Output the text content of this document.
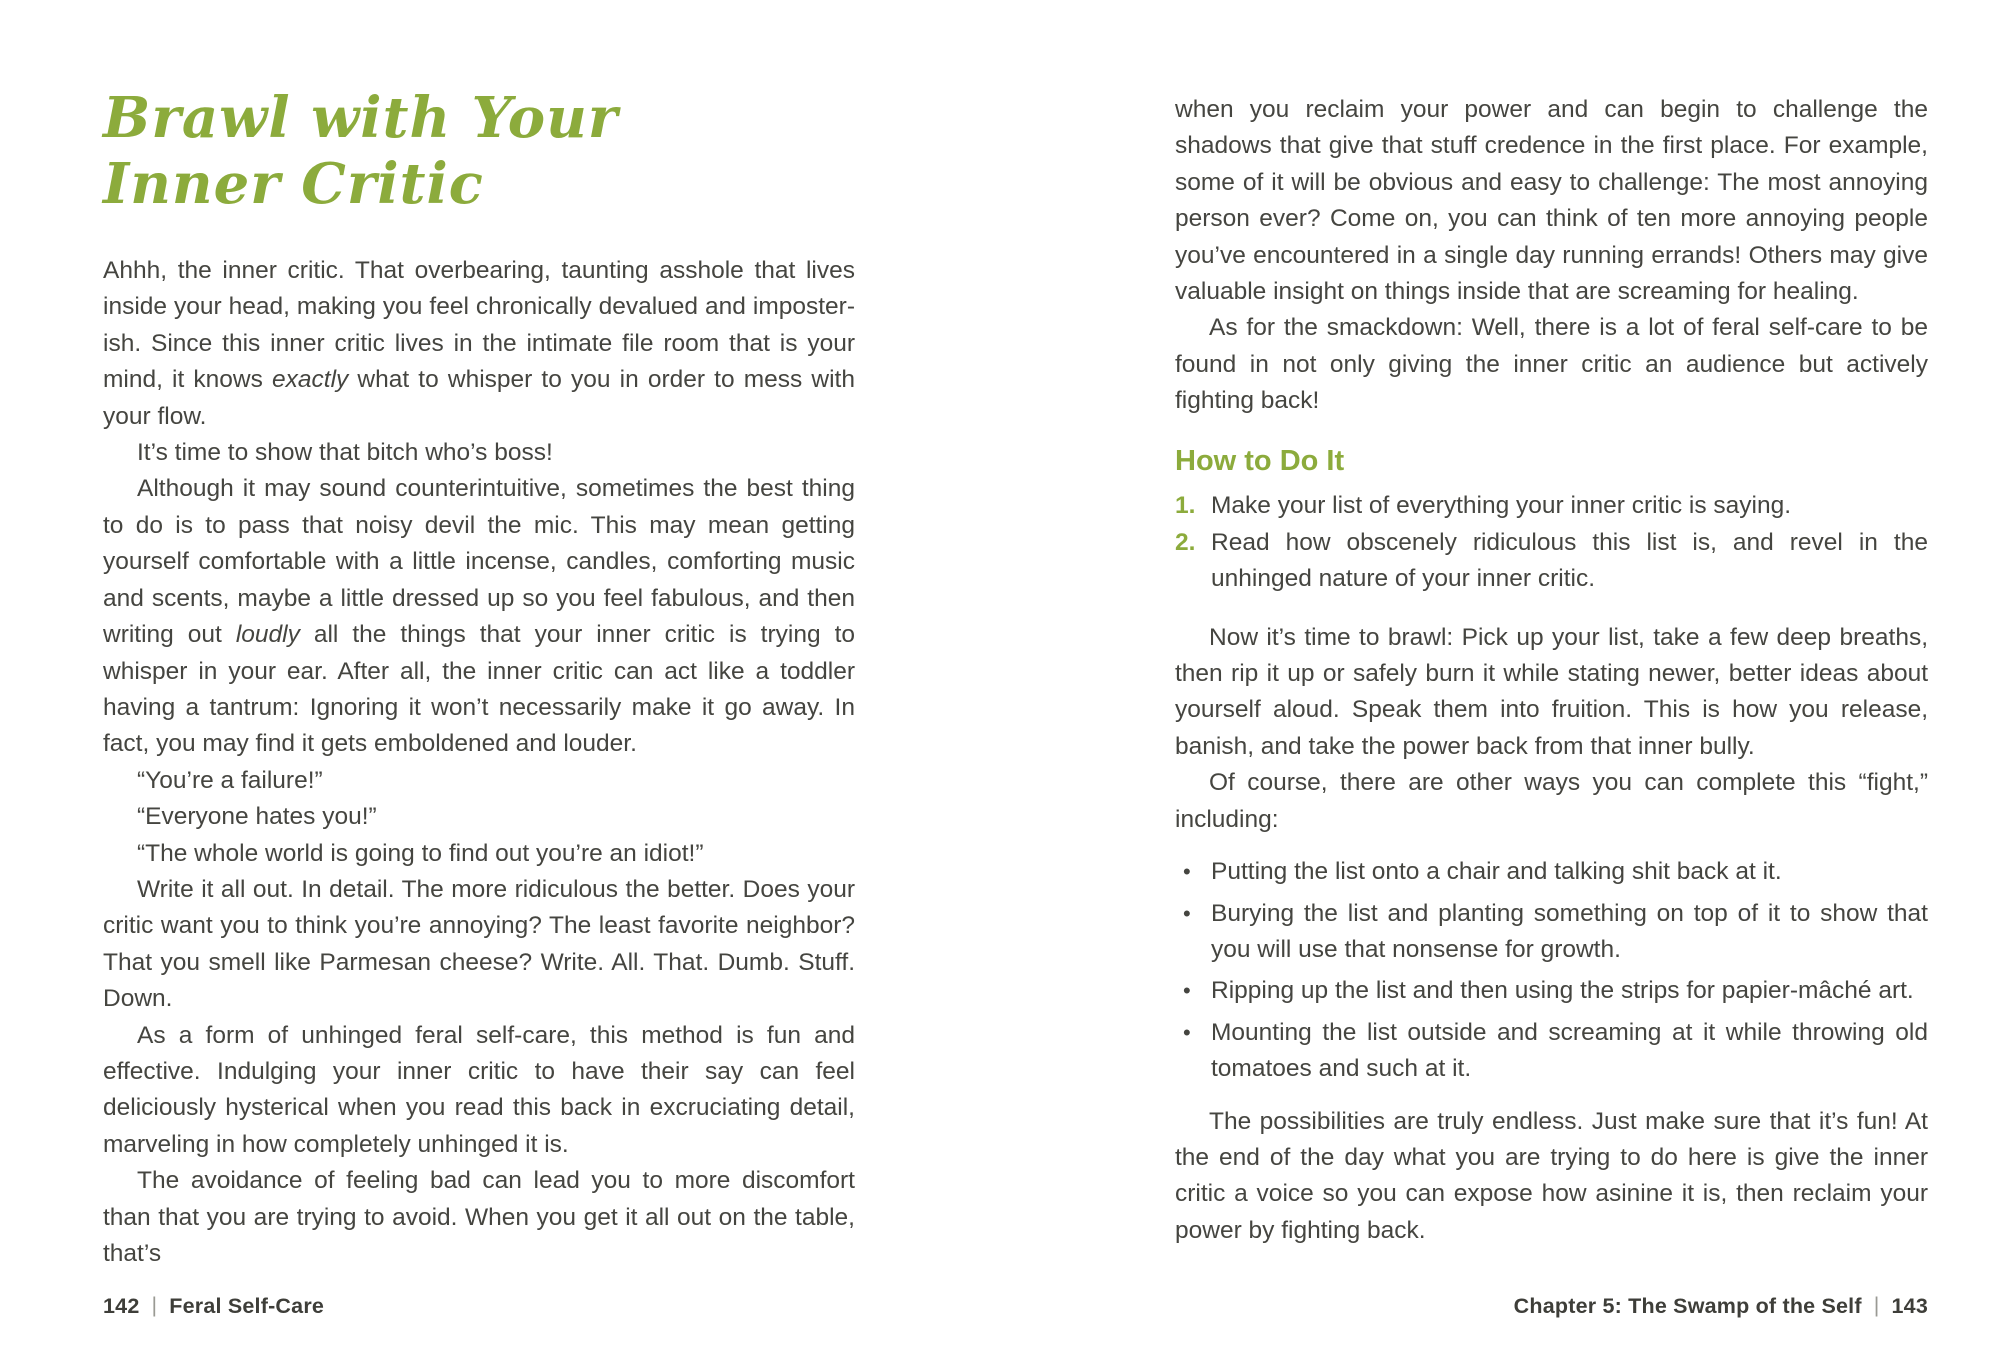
Brawl with Your
Inner Critic

Ahhh, the inner critic. That overbearing, taunting asshole that lives inside your head, making you feel chronically devalued and imposter-ish. Since this inner critic lives in the intimate file room that is your mind, it knows exactly what to whisper to you in order to mess with your flow.

It’s time to show that bitch who’s boss!

Although it may sound counterintuitive, sometimes the best thing to do is to pass that noisy devil the mic. This may mean getting yourself comfortable with a little incense, candles, comforting music and scents, maybe a little dressed up so you feel fabulous, and then writing out loudly all the things that your inner critic is trying to whisper in your ear. After all, the inner critic can act like a toddler having a tantrum: Ignoring it won’t necessarily make it go away. In fact, you may find it gets emboldened and louder.

“You’re a failure!”

“Everyone hates you!”

“The whole world is going to find out you’re an idiot!”

Write it all out. In detail. The more ridiculous the better. Does your critic want you to think you’re annoying? The least favorite neighbor? That you smell like Parmesan cheese? Write. All. That. Dumb. Stuff. Down.

As a form of unhinged feral self-care, this method is fun and effective. Indulging your inner critic to have their say can feel deliciously hysterical when you read this back in excruciating detail, marveling in how completely unhinged it is.

The avoidance of feeling bad can lead you to more discomfort than that you are trying to avoid. When you get it all out on the table, that’s

142 | Feral Self-Care

when you reclaim your power and can begin to challenge the shadows that give that stuff credence in the first place. For example, some of it will be obvious and easy to challenge: The most annoying person ever? Come on, you can think of ten more annoying people you’ve encountered in a single day running errands! Others may give valuable insight on things inside that are screaming for healing.

As for the smackdown: Well, there is a lot of feral self-care to be found in not only giving the inner critic an audience but actively fighting back!

How to Do It
1. Make your list of everything your inner critic is saying.
2. Read how obscenely ridiculous this list is, and revel in the unhinged nature of your inner critic.

Now it’s time to brawl: Pick up your list, take a few deep breaths, then rip it up or safely burn it while stating newer, better ideas about yourself aloud. Speak them into fruition. This is how you release, banish, and take the power back from that inner bully.

Of course, there are other ways you can complete this “fight,” including:

• Putting the list onto a chair and talking shit back at it.
• Burying the list and planting something on top of it to show that you will use that nonsense for growth.
• Ripping up the list and then using the strips for papier-mâché art.
• Mounting the list outside and screaming at it while throwing old tomatoes and such at it.

The possibilities are truly endless. Just make sure that it’s fun! At the end of the day what you are trying to do here is give the inner critic a voice so you can expose how asinine it is, then reclaim your power by fighting back.

Chapter 5: The Swamp of the Self | 143
